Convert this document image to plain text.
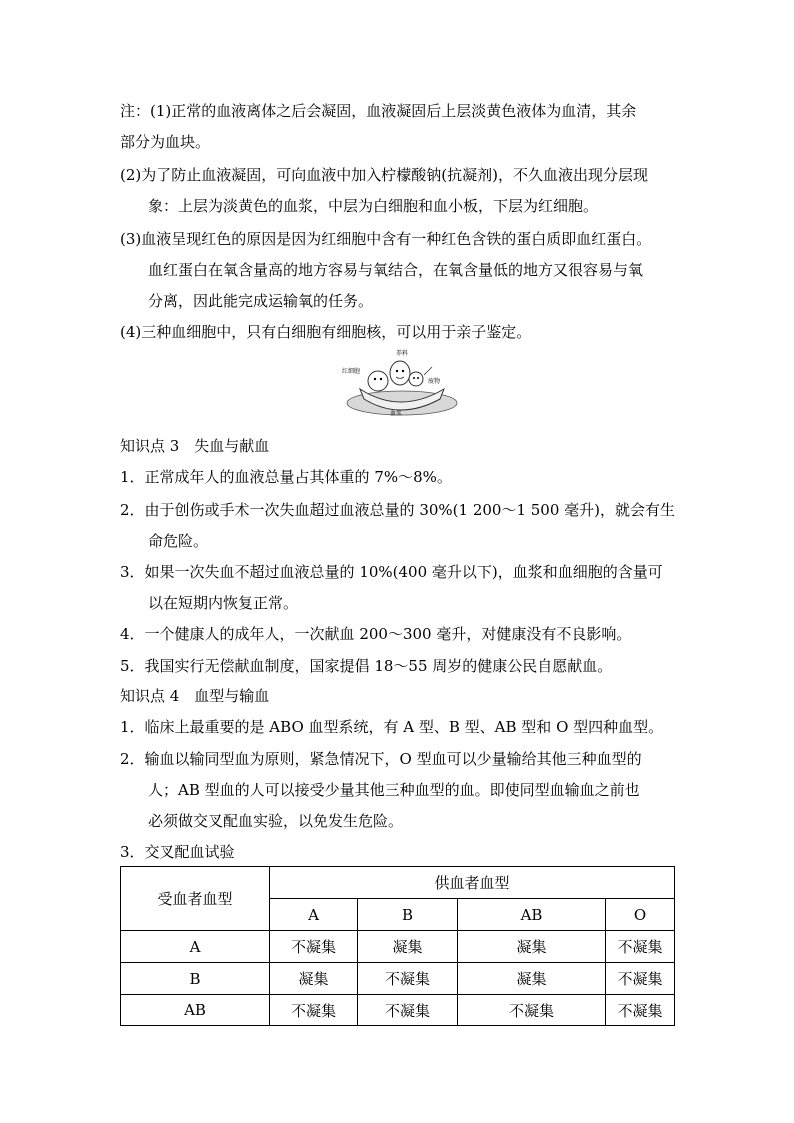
注：(1)正常的血液离体之后会凝固，血液凝固后上层淡黄色液体为血清，其余
部分为血块。
(2)为了防止血液凝固，可向血液中加入柠檬酸钠(抗凝剂)，不久血液出现分层现
象：上层为淡黄色的血浆，中层为白细胞和血小板，下层为红细胞。
(3)血液呈现红色的原因是因为红细胞中含有一种红色含铁的蛋白质即血红蛋白。
血红蛋白在氧含量高的地方容易与氧结合，在氧含量低的地方又很容易与氧
分离，因此能完成运输氧的任务。
(4)三种血细胞中，只有白细胞有细胞核，可以用于亲子鉴定。
红细胞
养料
废物
血浆
知识点 3　失血与献血
1．正常成年人的血液总量占其体重的 7%～8%。
2．由于创伤或手术一次失血超过血液总量的 30%(1 200～1 500 毫升)，就会有生
命危险。
3．如果一次失血不超过血液总量的 10%(400 毫升以下)，血浆和血细胞的含量可
以在短期内恢复正常。
4．一个健康人的成年人，一次献血 200～300 毫升，对健康没有不良影响。
5．我国实行无偿献血制度，国家提倡 18～55 周岁的健康公民自愿献血。
知识点 4　血型与输血
1．临床上最重要的是 ABO 血型系统，有 A 型、B 型、AB 型和 O 型四种血型。
2．输血以输同型血为原则，紧急情况下，O 型血可以少量输给其他三种血型的
人；AB 型血的人可以接受少量其他三种血型的血。即使同型血输血之前也
必须做交叉配血实验，以免发生危险。
3．交叉配血试验
受血者血型	供血者血型			
	A	B	AB	O
A	不凝集	凝集	凝集	不凝集
B	凝集	不凝集	凝集	不凝集
AB	不凝集	不凝集	不凝集	不凝集
